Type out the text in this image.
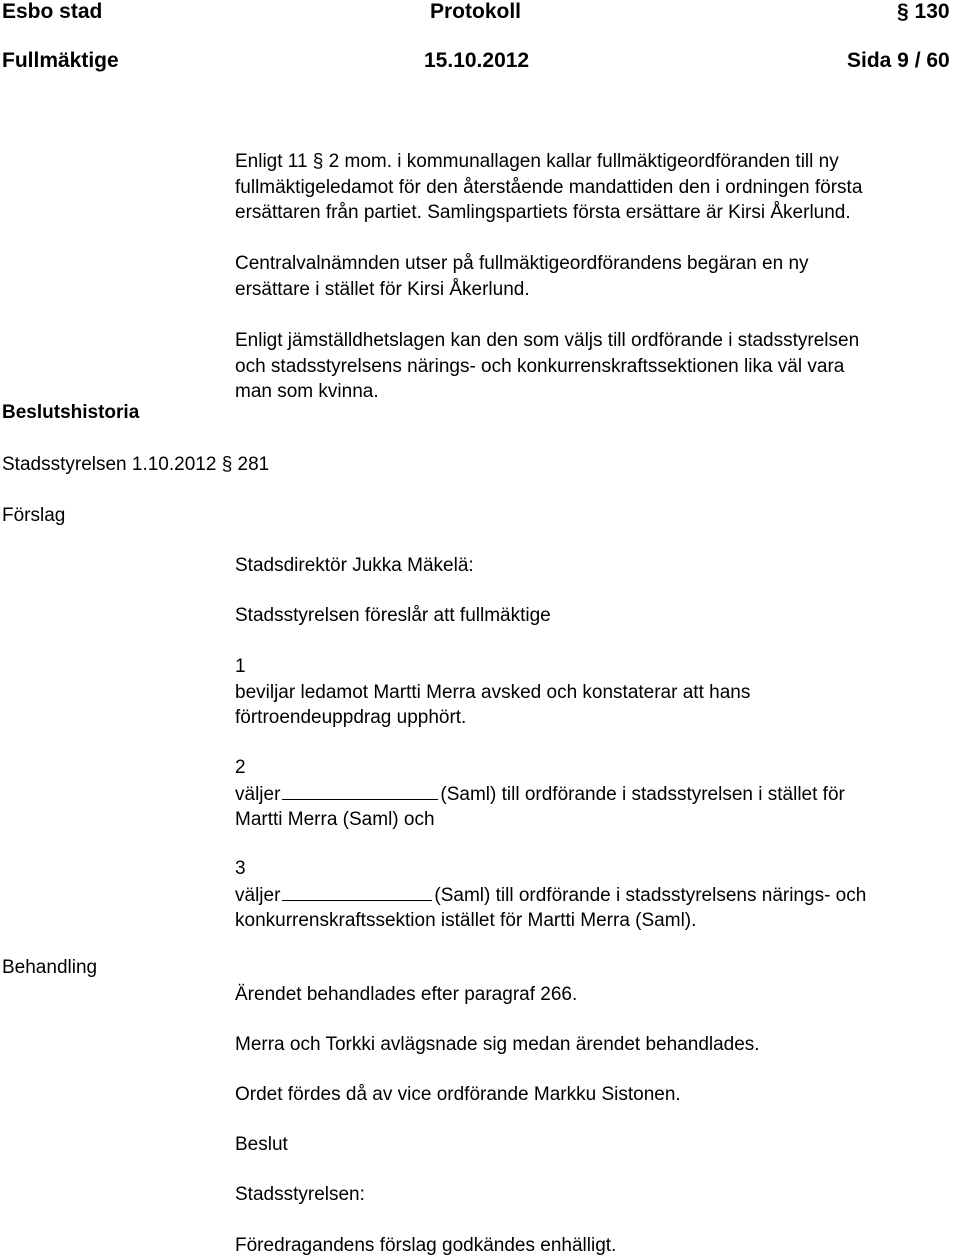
Esbo stad	Protokoll	§ 130
Fullmäktige	15.10.2012	Sida 9 / 60
Enligt 11 § 2 mom. i kommunallagen kallar fullmäktigeordföranden till ny
fullmäktigeledamot för den återstående mandattiden den i ordningen första
ersättaren från partiet. Samlingspartiets första ersättare är Kirsi Åkerlund.
Centralvalnämnden utser på fullmäktigeordförandens begäran en ny
ersättare i stället för Kirsi Åkerlund.
Enligt jämställdhetslagen kan den som väljs till ordförande i stadsstyrelsen
och stadsstyrelsens närings- och konkurrenskraftssektionen lika väl vara
man som kvinna.
Beslutshistoria
Stadsstyrelsen 1.10.2012 § 281
Förslag
Behandling
Stadsdirektör Jukka Mäkelä:
Stadsstyrelsen föreslår att fullmäktige
1
beviljar ledamot Martti Merra avsked och konstaterar att hans
förtroendeuppdrag upphört.
2
väljer	(Saml) till ordförande i stadsstyrelsen i stället för
Martti Merra (Saml) och
3
väljer	(Saml) till ordförande i stadsstyrelsens närings- och
konkurrenskraftssektion istället för Martti Merra (Saml).
Ärendet behandlades efter paragraf 266.
Merra och Torkki avlägsnade sig medan ärendet behandlades.
Ordet fördes då av vice ordförande Markku Sistonen.
Beslut
Stadsstyrelsen:
Föredragandens förslag godkändes enhälligt.
